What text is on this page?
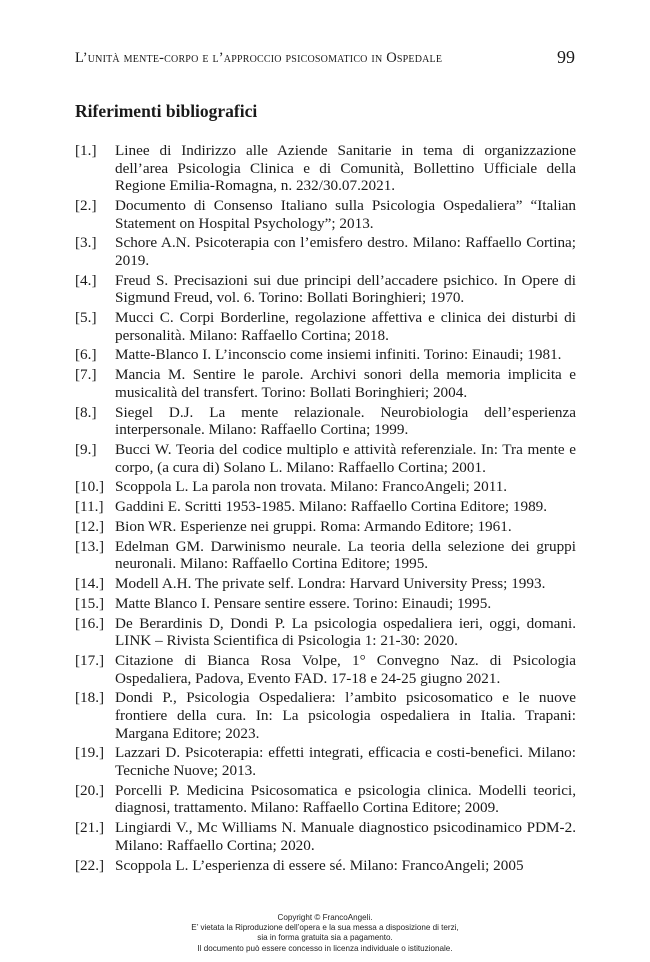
L’unità mente-corpo e l’approccio psicosomatico in Ospedale	99
Riferimenti bibliografici
[1.] Linee di Indirizzo alle Aziende Sanitarie in tema di organizzazione dell’area Psicologia Clinica e di Comunità, Bollettino Ufficiale della Regione Emilia-Romagna, n. 232/30.07.2021.
[2.] Documento di Consenso Italiano sulla Psicologia Ospedaliera” “Italian Statement on Hospital Psychology”; 2013.
[3.] Schore A.N. Psicoterapia con l’emisfero destro. Milano: Raffaello Cortina; 2019.
[4.] Freud S. Precisazioni sui due principi dell’accadere psichico. In Opere di Sigmund Freud, vol. 6. Torino: Bollati Boringhieri; 1970.
[5.] Mucci C. Corpi Borderline, regolazione affettiva e clinica dei disturbi di personalità. Milano: Raffaello Cortina; 2018.
[6.] Matte-Blanco I. L’inconscio come insiemi infiniti. Torino: Einaudi; 1981.
[7.] Mancia M. Sentire le parole. Archivi sonori della memoria implicita e musicalità del transfert. Torino: Bollati Boringhieri; 2004.
[8.] Siegel D.J. La mente relazionale. Neurobiologia dell’esperienza interpersonale. Milano: Raffaello Cortina; 1999.
[9.] Bucci W. Teoria del codice multiplo e attività referenziale. In: Tra mente e corpo, (a cura di) Solano L. Milano: Raffaello Cortina; 2001.
[10.] Scoppola L. La parola non trovata. Milano: FrancoAngeli; 2011.
[11.] Gaddini E. Scritti 1953-1985. Milano: Raffaello Cortina Editore; 1989.
[12.] Bion WR. Esperienze nei gruppi. Roma: Armando Editore; 1961.
[13.] Edelman GM. Darwinismo neurale. La teoria della selezione dei gruppi neuronali. Milano: Raffaello Cortina Editore; 1995.
[14.] Modell A.H. The private self. Londra: Harvard University Press; 1993.
[15.] Matte Blanco I. Pensare sentire essere. Torino: Einaudi; 1995.
[16.] De Berardinis D, Dondi P. La psicologia ospedaliera ieri, oggi, domani. LINK – Rivista Scientifica di Psicologia 1: 21-30: 2020.
[17.] Citazione di Bianca Rosa Volpe, 1° Convegno Naz. di Psicologia Ospedaliera, Padova, Evento FAD. 17-18 e 24-25 giugno 2021.
[18.] Dondi P., Psicologia Ospedaliera: l’ambito psicosomatico e le nuove frontiere della cura. In: La psicologia ospedaliera in Italia. Trapani: Margana Editore; 2023.
[19.] Lazzari D. Psicoterapia: effetti integrati, efficacia e costi-benefici. Milano: Tecniche Nuove; 2013.
[20.] Porcelli P. Medicina Psicosomatica e psicologia clinica. Modelli teorici, diagnosi, trattamento. Milano: Raffaello Cortina Editore; 2009.
[21.] Lingiardi V., Mc Williams N. Manuale diagnostico psicodinamico PDM-2. Milano: Raffaello Cortina; 2020.
[22.] Scoppola L. L’esperienza di essere sé. Milano: FrancoAngeli; 2005
Copyright © FrancoAngeli.
E’ vietata la Riproduzione dell’opera e la sua messa a disposizione di terzi,
sia in forma gratuita sia a pagamento.
Il documento può essere concesso in licenza individuale o istituzionale.
